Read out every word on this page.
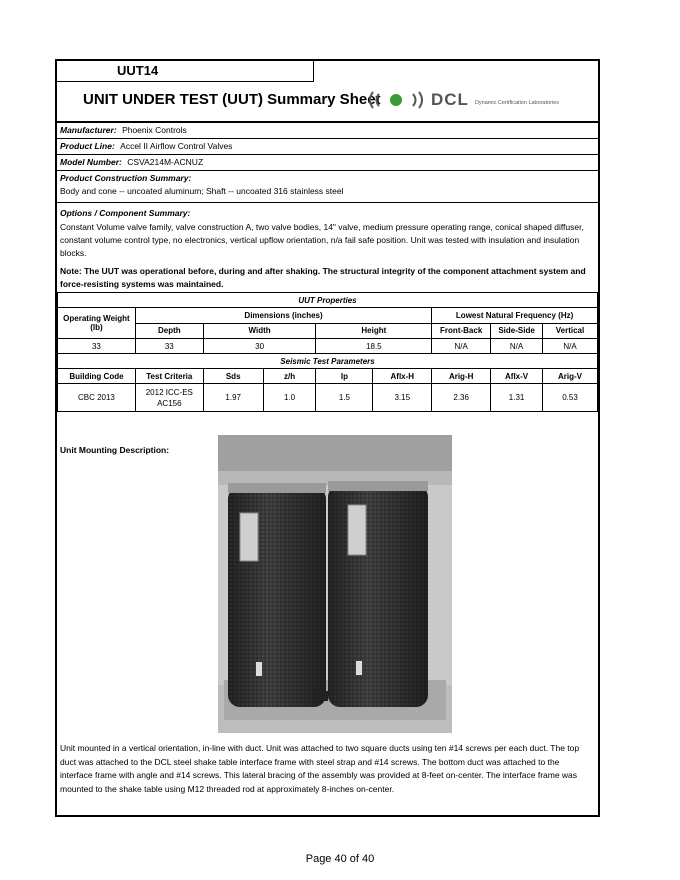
UUT14
UNIT UNDER TEST (UUT) Summary Sheet	DCL Dynamic Certification Laboratories
Manufacturer: Phoenix Controls
Product Line: Accel II Airflow Control Valves
Model Number: CSVA214M-ACNUZ
Product Construction Summary:
Body and cone -- uncoated aluminum; Shaft -- uncoated 316 stainless steel
Options / Component Summary:
Constant Volume valve family, valve construction A, two valve bodies, 14" valve, medium pressure operating range, conical shaped diffuser, constant volume control type, no electronics, vertical upflow orientation, n/a fail safe position. Unit was tested with insulation and insulation blocks.
Note: The UUT was operational before, during and after shaking. The structural integrity of the component attachment system and force-resisting systems was maintained.
UUT Properties								
Operating Weight
(lb)	Dimensions (inches)					Lowest Natural Frequency (Hz)		
	Depth	Width		Height		Front-Back	Side-Side	Vertical
33	33	30		18.5		N/A	N/A	N/A
Seismic Test Parameters								
Building Code	Test Criteria	Sds	z/h	Ip	Aflx-H	Arig-H	Aflx-V	Arig-V
CBC 2013	2012 ICC-ES AC156	1.97	1.0	1.5	3.15	2.36	1.31	0.53
Unit Mounting Description:
Unit mounted in a vertical orientation, in-line with duct. Unit was attached to two square ducts using ten #14 screws per each duct. The top duct was attached to the DCL steel shake table interface frame with steel strap and #14 screws. The bottom duct was attached to the interface frame with angle and #14 screws. This lateral bracing of the assembly was provided at 8-feet on-center. The interface frame was mounted to the shake table using M12 threaded rod at approximately 8-inches on-center.
Page 40 of 40
